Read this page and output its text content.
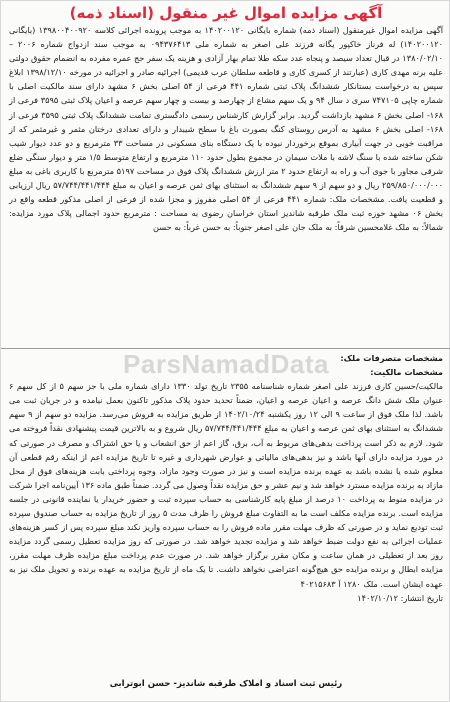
آگهی مزایده اموال غیر منقول (اسناد ذمه)

آگهی مزایده اموال غیرمنقول (اسناد ذمه) شماره بایگانی ۱۴۰۲۰۰۱۲۰ به موجب پرونده اجرائی کلاسه ۱۳۹۸۰۰۴۰۰۹۲۰ (بایگانی ۱۴۰۲۰۰۱۲۰) له فرناز خاکپور یگانه فرزند علی اصغر به شماره ملی ۰۹۴۳۷۶۴۱۳ به موجب سند ازدواج شماره ۲۰۰۶ – ۱۳۸۰/۰۲/۱۰ در قبال تعداد سیصد و پنجاه عدد سکه طلا تمام بهار آزادی و هزینه یک سفر حج عمره مفرده به انضمام حقوق دولتی علیه برنه مهدی کاری (عبارتند از کسری کاری و قاطعه سلطان عرب قدیمی) اجرائیه صادر و اجرائیه در مورخه ۱۳۹۸/۱۲/۱۰ ابلاغ سپس به درخواست بستانکار ششدانگ پلاک ثبتی شماره ۴۴۱ فرعی از ۵۴ اصلی بخش ۶ مشهد دارای سند مالکیت اصلی با شماره چاپی ۷۴۷۱۰۵ سری د سال ۹۴ و یک سهم مشاع از چهارصد و بیست و چهار سهم عرصه و اعیان پلاک ثبتی ۳۵۹۵ فرعی از ۱۶۸- اصلی بخش ۶ مشهد بازداشت گردید. برابر گزارش کارشناس رسمی دادگستری تمامت ششدانگ پلاک ثبتی ۳۵۹۵ فرعی از ۱۶۸- اصلی بخش ۶ مشهد به آدرس روستای کنگ بصورت باغ با سطح شیبدار و دارای تعدادی درختان مثمر و غیرمثمر که از مراقبت خوبی در جهت آبیاری بموقع برخوردار نبوده با یک دستگاه بنای مسکونی در مساحت ۳۳ مترمربع و دو عدد دیوار شیب شکن ساخته شده با سنگ لاشه با ملات سیمان در مجموع بطول حدود ۱۱۰ مترمربع و ارتفاع متوسط ۱/۵ متر و دیوار سنگی ضلع شرقی مجاور با جوی آب و راه به ارتفاع حدود ۲ متر ارزش ششدانگ پلاک فوق در مساحت ۵۱۹۷ مترمربع با کاربری باغی به مبلغ ۲۵۹/۸۵۰/۰۰۰/۰۰۰ ریال و دو سهم از ۹ سهم ششدانگ به استثنای بهای ثمن عرصه و اعیان به مبلغ ۵۷/۷۴۴/۴۴۱/۴۴۴ ریال ارزیابی و قطعیت یافت. مشخصات ملک: شماره ۴۴۱ فرعی از ۵۴ اصلی مفروز و مجزا شده از فرعی از اصلی مذکور قطعه واقع در بخش ۰۶ مشهد حوزه ثبت ملک طرقبه شاندیز استان خراسان رضوی به مساحت : مترمربع حدود اجمالی پلاک مورد مزایده: شمالاً: به ملک غلامحسین شرقاً: به ملک جان علی اصغر جنوباً: به حسن غرباً: به حسن

ParsNamadData	مشخصات متصرفات ملک:

مشخصات مالکیت:

مالکیت/حسین کاری فرزند علی اصغر شماره شناسنامه ۲۳۵۵ تاریخ تولد ۱۳۳۰ دارای شماره ملی با جز سهم ۵ از کل سهم ۶ عنوان ملک شش دانگ عرصه و اعیان عرصه و اعیان، ضمناً تحدید حدود پلاک مذکور تاکنون بعمل نیامده و در جریان ثبت می باشد. لذا ملک فوق از ساعت ۹ الی ۱۲ روز یکشنبه ۱۴۰۲/۱۰/۲۴ از طریق مزایده به فروش می‌رسد. مزایده دو سهم از ۹ سهم ششدانگ به استثنای بهای ثمن عرصه و اعیان به مبلغ ۵۷/۷۴۴/۴۴۱/۴۴۴ ریال شروع و به بالاترین قیمت پیشنهادی نقداً فروخته می شود. لازم به ذکر است پرداخت بدهی‌های مربوط به آب، برق، گاز اعم از حق انشعاب و یا حق اشتراک و مصرف در صورتی که در مورد مزایده دارای آنها باشد و نیز بدهی‌های مالیاتی و عوارض شهرداری و غیره تا تاریخ مزایده اعم از اینکه رقم قطعی آن معلوم شده یا نشده باشد به عهده برنده مزایده است و نیز در صورت وجود مازاد، وجوه پرداختی بابت هزینه‌های فوق از محل مازاد به برنده مزایده مسترد خواهد شد و نیم عشر و حق مزایده نقداً وصول می گردد. ضمناً طبق ماده ۱۳۶ آیین‌نامه اجرا شرکت در مزایده منوط به پرداخت ۱۰ درصد از مبلغ پایه کارشناسی به حساب سپرده ثبت و حضور خریدار یا نماینده قانونی در جلسه مزایده است. برنده مزایده مکلف است ما به التفاوت مبلغ فروش را ظرف مدت ۵ روز از تاریخ مزایده به حساب صندوق سپرده ثبت تودیع نماید و در صورتی که ظرف مهلت مقرر ماده فروش را به حساب سپرده واریز نکند مبلغ سپرده پس از کسر هزینه‌های عملیات اجرائی به نفع دولت ضبط خواهد شد و مزایده تجدید خواهد شد. در صورتی که روز مزایده تعطیل رسمی گردد مزایده روز بعد از تعطیلی در همان ساعت و مکان مقرر برگزار خواهد شد. در صورت عدم پرداخت مبلغ مزایده ظرف مهلت مقرر، مزایده ابطال و برنده مزایده حق هیچ‌گونه اعتراضی نخواهد داشت. تا یک ماه از تاریخ مزایده به عهده برنده و تحویل ملک نیز به عهده ایشان است. ملک ۱۲۸۰ آ ۴۰۲۱۵۶۸۳

تاریخ انتشار: ۱۴۰۲/۱۰/۱۲

رئیس ثبت اسناد و املاک طرقبه شاندیز- حسن ابوترابی
